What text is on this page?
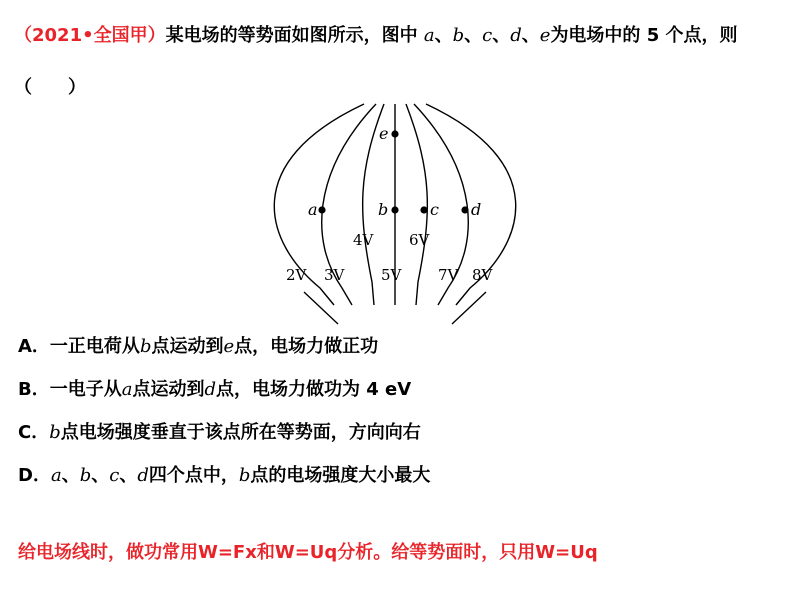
（2021•全国甲）某电场的等势面如图所示，图中 a、b、c、d、e为电场中的 5 个点，则（　　）

e
a	b	c d
4V 6V
2V 3V 5V 7V 8V

A．一正电荷从b点运动到e点，电场力做正功

B．一电子从a点运动到d点，电场力做功为 4 eV

C．b点电场强度垂直于该点所在等势面，方向向右

D．a、b、c、d四个点中，b点的电场强度大小最大

给电场线时，做功常用W=Fx和W=Uq分析。给等势面时，只用W=Uq
